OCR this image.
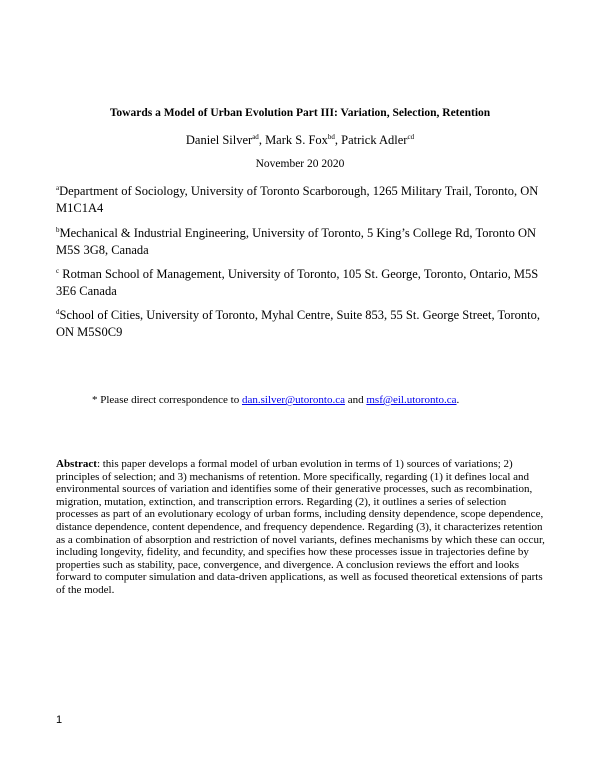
Towards a Model of Urban Evolution Part III: Variation, Selection, Retention
Daniel Silver$^{ad}$, Mark S. Fox$^{bd}$, Patrick Adler$^{cd}$
November 20 2020
$^a$Department of Sociology, University of Toronto Scarborough, 1265 Military Trail, Toronto, ON M1C1A4
$^b$Mechanical & Industrial Engineering, University of Toronto, 5 King’s College Rd, Toronto ON M5S 3G8, Canada
$^c$ Rotman School of Management, University of Toronto, 105 St. George, Toronto, Ontario, M5S 3E6 Canada
$^d$School of Cities, University of Toronto, Myhal Centre, Suite 853, 55 St. George Street, Toronto, ON M5S0C9
* Please direct correspondence to dan.silver@utoronto.ca and msf@eil.utoronto.ca.
Abstract: this paper develops a formal model of urban evolution in terms of 1) sources of variations; 2) principles of selection; and 3) mechanisms of retention. More specifically, regarding (1) it defines local and environmental sources of variation and identifies some of their generative processes, such as recombination, migration, mutation, extinction, and transcription errors. Regarding (2), it outlines a series of selection processes as part of an evolutionary ecology of urban forms, including density dependence, scope dependence, distance dependence, content dependence, and frequency dependence. Regarding (3), it characterizes retention as a combination of absorption and restriction of novel variants, defines mechanisms by which these can occur, including longevity, fidelity, and fecundity, and specifies how these processes issue in trajectories define by properties such as stability, pace, convergence, and divergence. A conclusion reviews the effort and looks forward to computer simulation and data-driven applications, as well as focused theoretical extensions of parts of the model.
1
